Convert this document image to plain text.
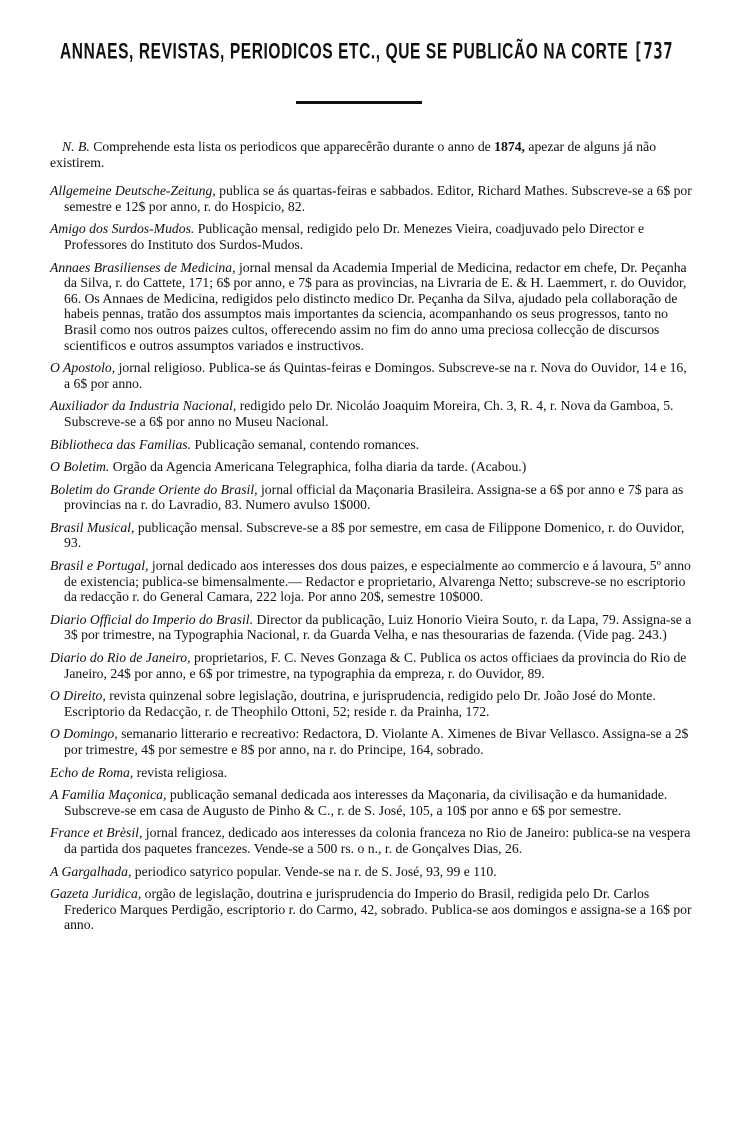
ANNAES, REVISTAS, PERIODICOS ETC., QUE SE PUBLICÃO NA CORTE [737

N. B. Comprehende esta lista os periodicos que apparecêrão durante o anno de 1874, apezar de alguns já não existirem.

Allgemeine Deutsche-Zeitung, publica se ás quartas-feiras e sabbados. Editor, Richard Mathes. Subscreve-se a 6$ por semestre e 12$ por anno, r. do Hospicio, 82.

Amigo dos Surdos-Mudos. Publicação mensal, redigido pelo Dr. Menezes Vieira, coadjuvado pelo Director e Professores do Instituto dos Surdos-Mudos.

Annaes Brasilienses de Medicina, jornal mensal da Academia Imperial de Medicina, redactor em chefe, Dr. Peçanha da Silva, r. do Cattete, 171; 6$ por anno, e 7$ para as provincias, na Livraria de E. & H. Laemmert, r. do Ouvidor, 66. Os Annaes de Medicina, redigidos pelo distincto medico Dr. Peçanha da Silva, ajudado pela collaboração de habeis pennas, tratão dos assumptos mais importantes da sciencia, acompanhando os seus progressos, tanto no Brasil como nos outros paizes cultos, offerecendo assim no fim do anno uma preciosa collecção de discursos scientificos e outros assumptos variados e instructivos.

O Apostolo, jornal religioso. Publica-se ás Quintas-feiras e Domingos. Subscreve-se na r. Nova do Ouvidor, 14 e 16, a 6$ por anno.

Auxiliador da Industria Nacional, redigido pelo Dr. Nicoláo Joaquim Moreira, Ch. 3, R. 4, r. Nova da Gamboa, 5. Subscreve-se a 6$ por anno no Museu Nacional.

Bibliotheca das Familias. Publicação semanal, contendo romances.

O Boletim. Orgão da Agencia Americana Telegraphica, folha diaria da tarde. (Acabou.)

Boletim do Grande Oriente do Brasil, jornal official da Maçonaria Brasileira. Assigna-se a 6$ por anno e 7$ para as provincias na r. do Lavradio, 83. Numero avulso 1$000.

Brasil Musical, publicação mensal. Subscreve-se a 8$ por semestre, em casa de Filippone Domenico, r. do Ouvidor, 93.

Brasil e Portugal, jornal dedicado aos interesses dos dous paizes, e especialmente ao commercio e á lavoura, 5º anno de existencia; publica-se bimensalmente.— Redactor e proprietario, Alvarenga Netto; subscreve-se no escriptorio da redacção r. do General Camara, 222 loja. Por anno 20$, semestre 10$000.

Diario Official do Imperio do Brasil. Director da publicação, Luiz Honorio Vieira Souto, r. da Lapa, 79. Assigna-se a 3$ por trimestre, na Typographia Nacional, r. da Guarda Velha, e nas thesourarias de fazenda. (Vide pag. 243.)

Diario do Rio de Janeiro, proprietarios, F. C. Neves Gonzaga & C. Publica os actos officiaes da provincia do Rio de Janeiro, 24$ por anno, e 6$ por trimestre, na typographia da empreza, r. do Ouvidor, 89.

O Direito, revista quinzenal sobre legislação, doutrina, e jurisprudencia, redigido pelo Dr. João José do Monte. Escriptorio da Redacção, r. de Theophilo Ottoni, 52; reside r. da Prainha, 172.

O Domingo, semanario litterario e recreativo: Redactora, D. Violante A. Ximenes de Bivar Vellasco. Assigna-se a 2$ por trimestre, 4$ por semestre e 8$ por anno, na r. do Principe, 164, sobrado.

Echo de Roma, revista religiosa.

A Familia Maçonica, publicação semanal dedicada aos interesses da Maçonaria, da civilisação e da humanidade. Subscreve-se em casa de Augusto de Pinho & C., r. de S. José, 105, a 10$ por anno e 6$ por semestre.

France et Brèsil, jornal francez, dedicado aos interesses da colonia franceza no Rio de Janeiro: publica-se na vespera da partida dos paquetes francezes. Vende-se a 500 rs. o n., r. de Gonçalves Dias, 26.

A Gargalhada, periodico satyrico popular. Vende-se na r. de S. José, 93, 99 e 110.

Gazeta Juridica, orgão de legislação, doutrina e jurisprudencia do Imperio do Brasil, redigida pelo Dr. Carlos Frederico Marques Perdigão, escriptorio r. do Carmo, 42, sobrado. Publica-se aos domingos e assigna-se a 16$ por anno.
